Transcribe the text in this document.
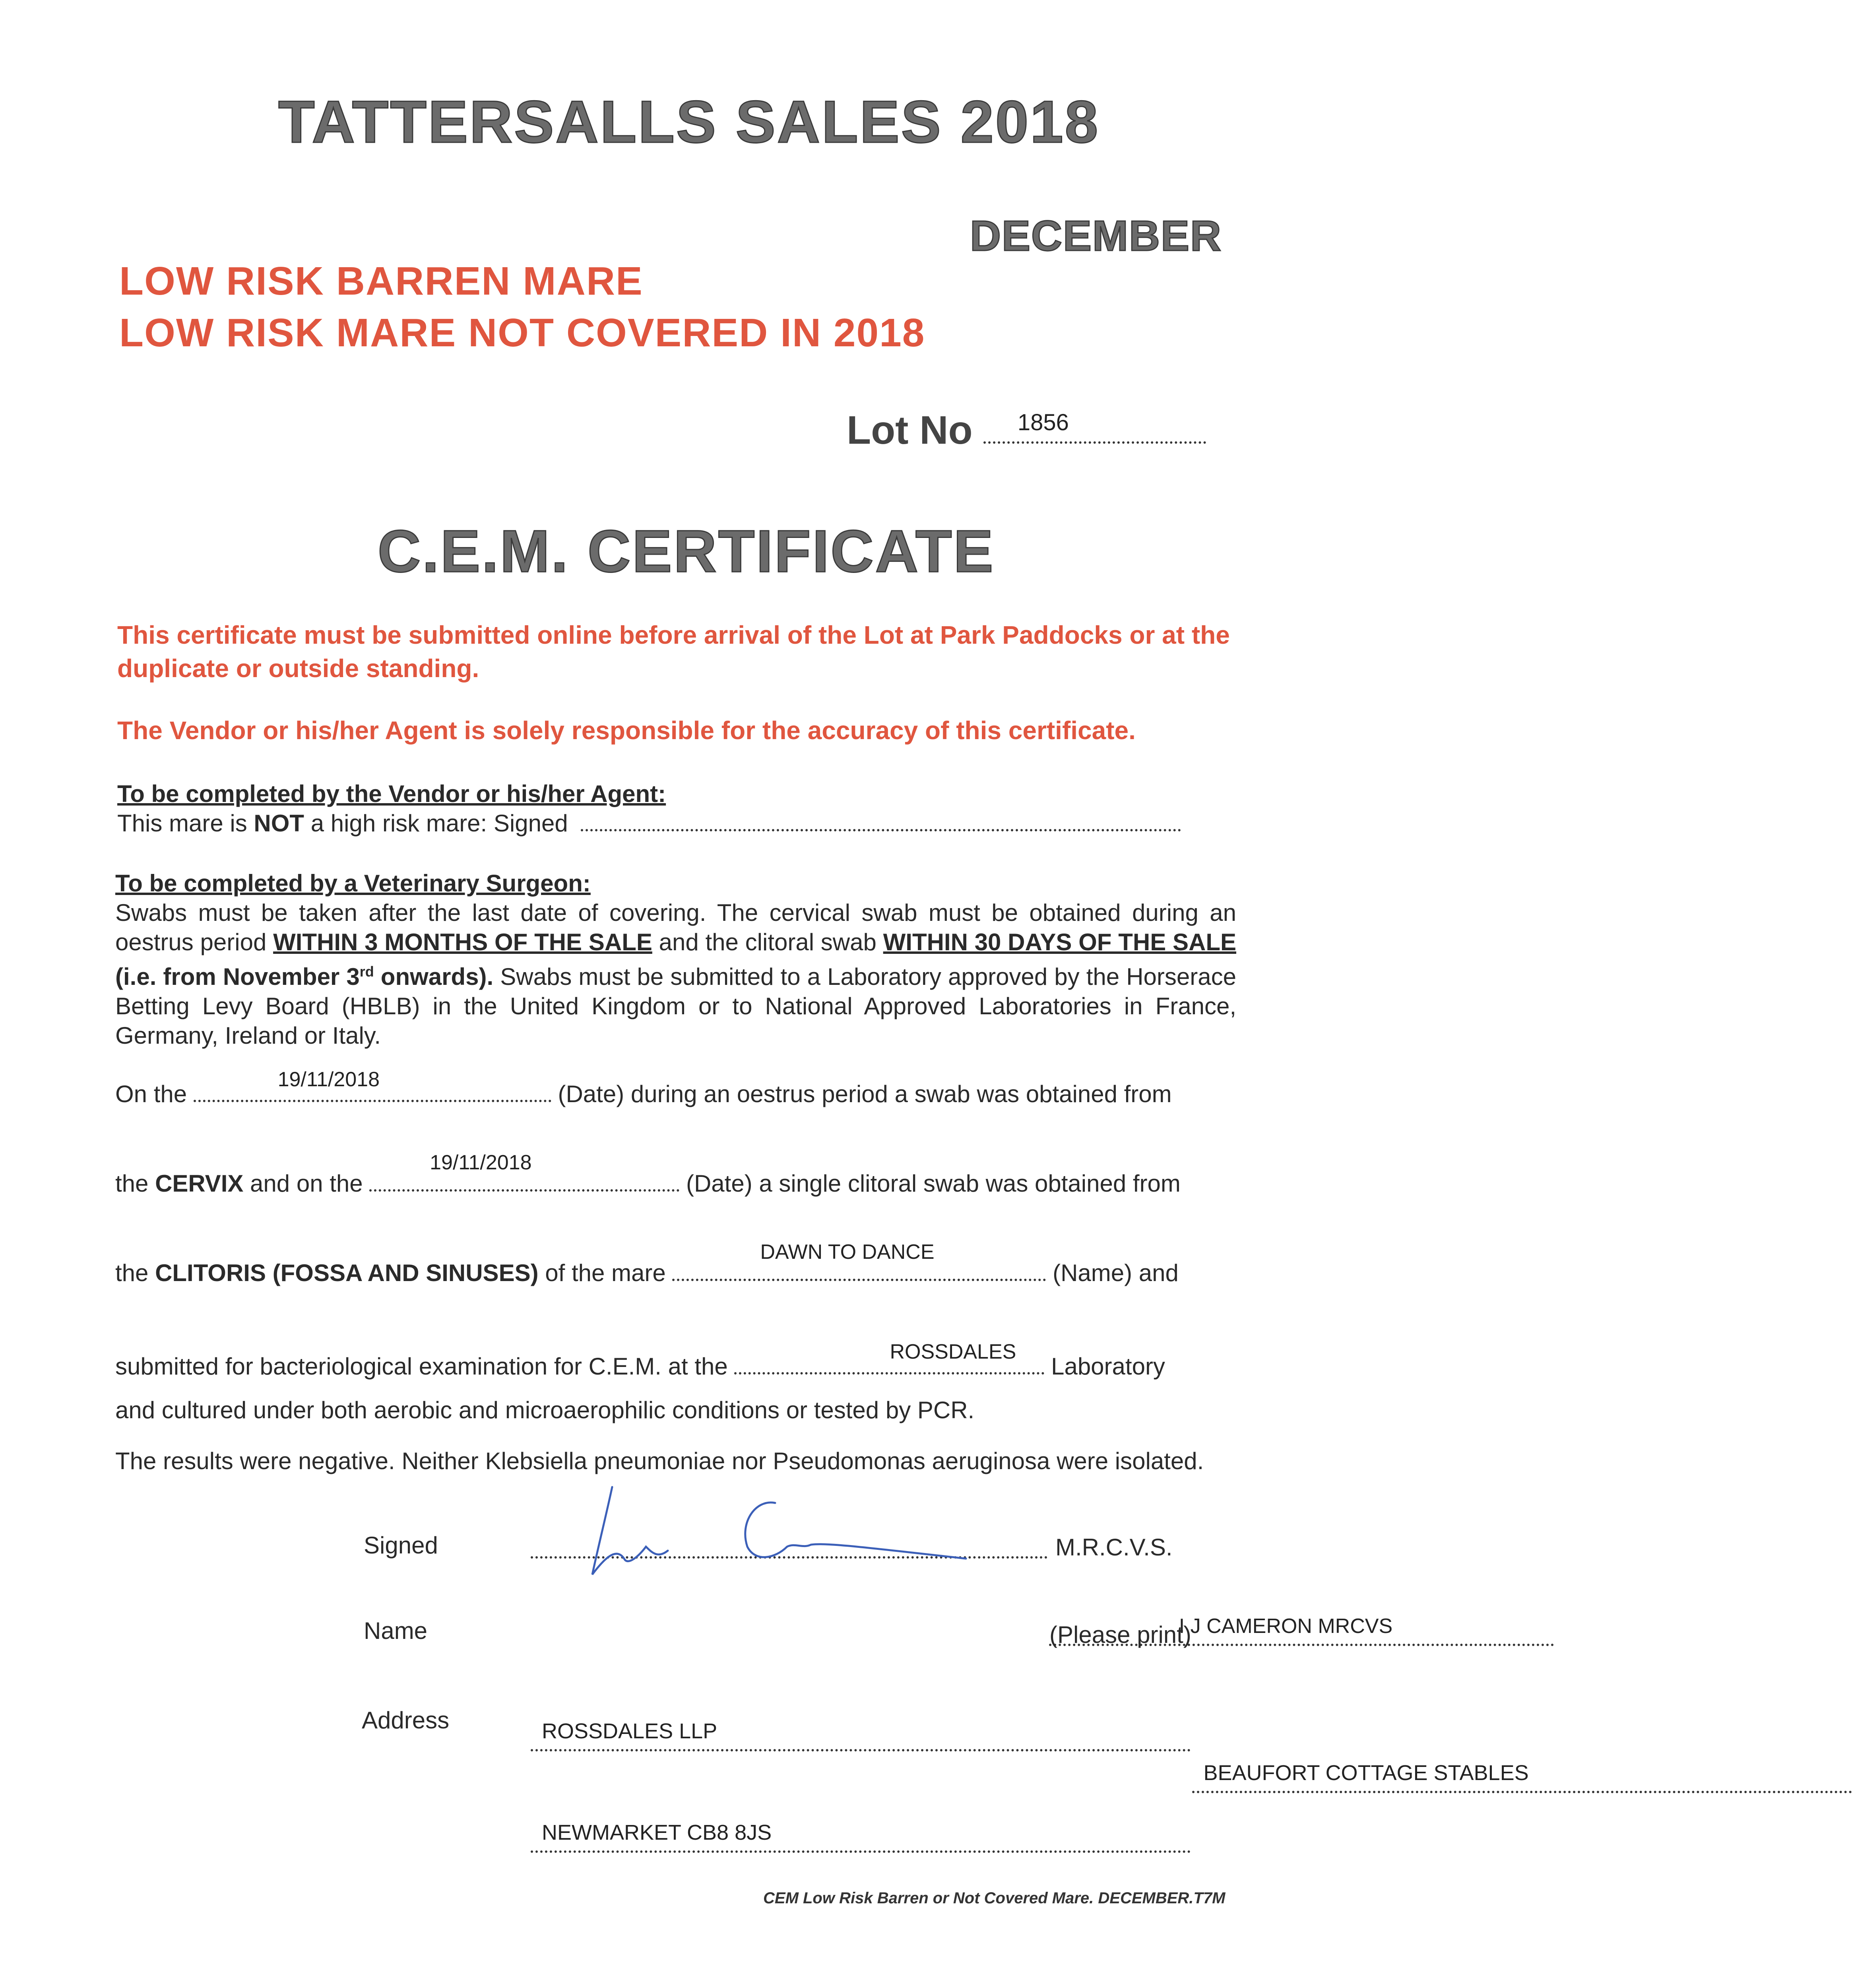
TATTERSALLS SALES 2018
DECEMBER
LOW RISK BARREN MARE
LOW RISK MARE NOT COVERED IN 2018
Lot No	1856
C.E.M. CERTIFICATE
This certificate must be submitted online before arrival of the Lot at Park Paddocks or at the duplicate or outside standing.
The Vendor or his/her Agent is solely responsible for the accuracy of this certificate.
To be completed by the Vendor or his/her Agent:
This mare is NOT a high risk mare: Signed
To be completed by a Veterinary Surgeon:
Swabs must be taken after the last date of covering. The cervical swab must be obtained during an oestrus period WITHIN 3 MONTHS OF THE SALE and the clitoral swab WITHIN 30 DAYS OF THE SALE (i.e. from November 3rd onwards). Swabs must be submitted to a Laboratory approved by the Horserace Betting Levy Board (HBLB) in the United Kingdom or to National Approved Laboratories in France, Germany, Ireland or Italy.
On the
19/11/2018
(Date) during an oestrus period a swab was obtained from
the CERVIX and on the
19/11/2018
(Date) a single clitoral swab was obtained from
the CLITORIS (FOSSA AND SINUSES) of the mare
DAWN TO DANCE
(Name) and
submitted for bacteriological examination for C.E.M. at the
ROSSDALES
Laboratory
and cultured under both aerobic and microaerophilic conditions or tested by PCR.
The results were negative. Neither Klebsiella pneumoniae nor Pseudomonas aeruginosa were isolated.
Signed
	M.R.C.V.S.
Name	I J CAMERON MRCVS

(Please print)
Address	ROSSDALES LLP

BEAUFORT COTTAGE STABLES

NEWMARKET CB8 8JS
CEM Low Risk Barren or Not Covered Mare. DECEMBER.T7M
